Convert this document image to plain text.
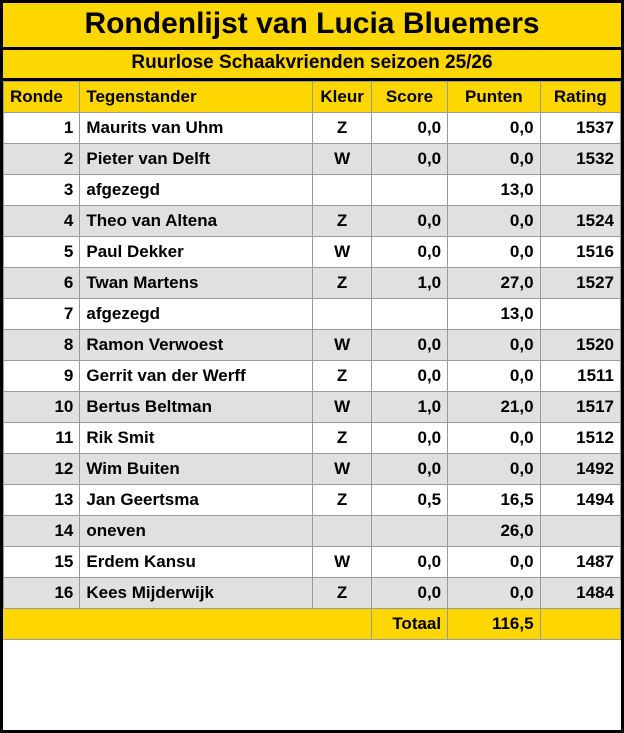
Rondenlijst van Lucia Bluemers
Ruurlose Schaakvrienden seizoen 25/26
Ronde	Tegenstander	Kleur	Score	Punten	Rating
1	Maurits van Uhm	Z	0,0	0,0	1537
2	Pieter van Delft	W	0,0	0,0	1532
3	afgezegd			13,0	
4	Theo van Altena	Z	0,0	0,0	1524
5	Paul Dekker	W	0,0	0,0	1516
6	Twan Martens	Z	1,0	27,0	1527
7	afgezegd			13,0	
8	Ramon Verwoest	W	0,0	0,0	1520
9	Gerrit van der Werff	Z	0,0	0,0	1511
10	Bertus Beltman	W	1,0	21,0	1517
11	Rik Smit	Z	0,0	0,0	1512
12	Wim Buiten	W	0,0	0,0	1492
13	Jan Geertsma	Z	0,5	16,5	1494
14	oneven			26,0	
15	Erdem Kansu	W	0,0	0,0	1487
16	Kees Mijderwijk	Z	0,0	0,0	1484
			Totaal	116,5	
